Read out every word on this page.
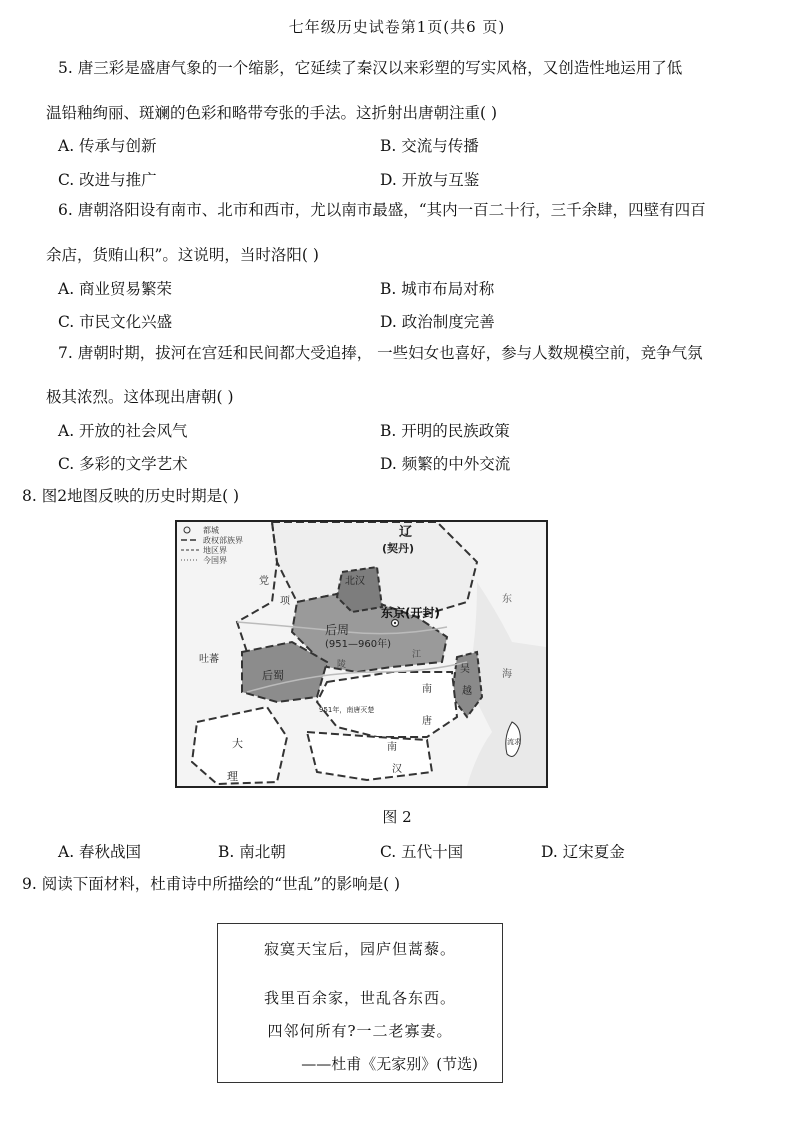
七年级历史试卷第1页(共6 页)
5. 唐三彩是盛唐气象的一个缩影，它延续了秦汉以来彩塑的写实风格，又创造性地运用了低
温铅釉绚丽、斑斓的色彩和略带夸张的手法。这折射出唐朝注重( )
A. 传承与创新	B. 交流与传播
C. 改进与推广	D. 开放与互鉴
6. 唐朝洛阳设有南市、北市和西市，尤以南市最盛，“其内一百二十行，三千余肆，四壁有四百
余店，货贿山积”。这说明，当时洛阳( )
A. 商业贸易繁荣	B. 城市布局对称
C. 市民文化兴盛	D. 政治制度完善
7. 唐朝时期，拔河在宫廷和民间都大受追捧， 一些妇女也喜好，参与人数规模空前，竞争气氛
极其浓烈。这体现出唐朝( )
A. 开放的社会风气	B. 开明的民族政策
C. 多彩的文学艺术	D. 频繁的中外交流
8. 图2地图反映的历史时期是( )
都城
政权部族界
地区界
今国界
辽
(契丹)
北汉
东京(开封)
后周
(951—960年)
后蜀
吐蕃
党
项
951年，南唐灭楚
南
唐
吴
越
大
理
南
汉
流求
东
海
江
陵
图 2
A. 春秋战国	B. 南北朝	C. 五代十国	D. 辽宋夏金
9. 阅读下面材料，杜甫诗中所描绘的“世乱”的影响是( )
寂寞天宝后，园庐但蒿藜。
我里百余家，世乱各东西。
四邻何所有?一二老寡妻。
——杜甫《无家别》(节选)
